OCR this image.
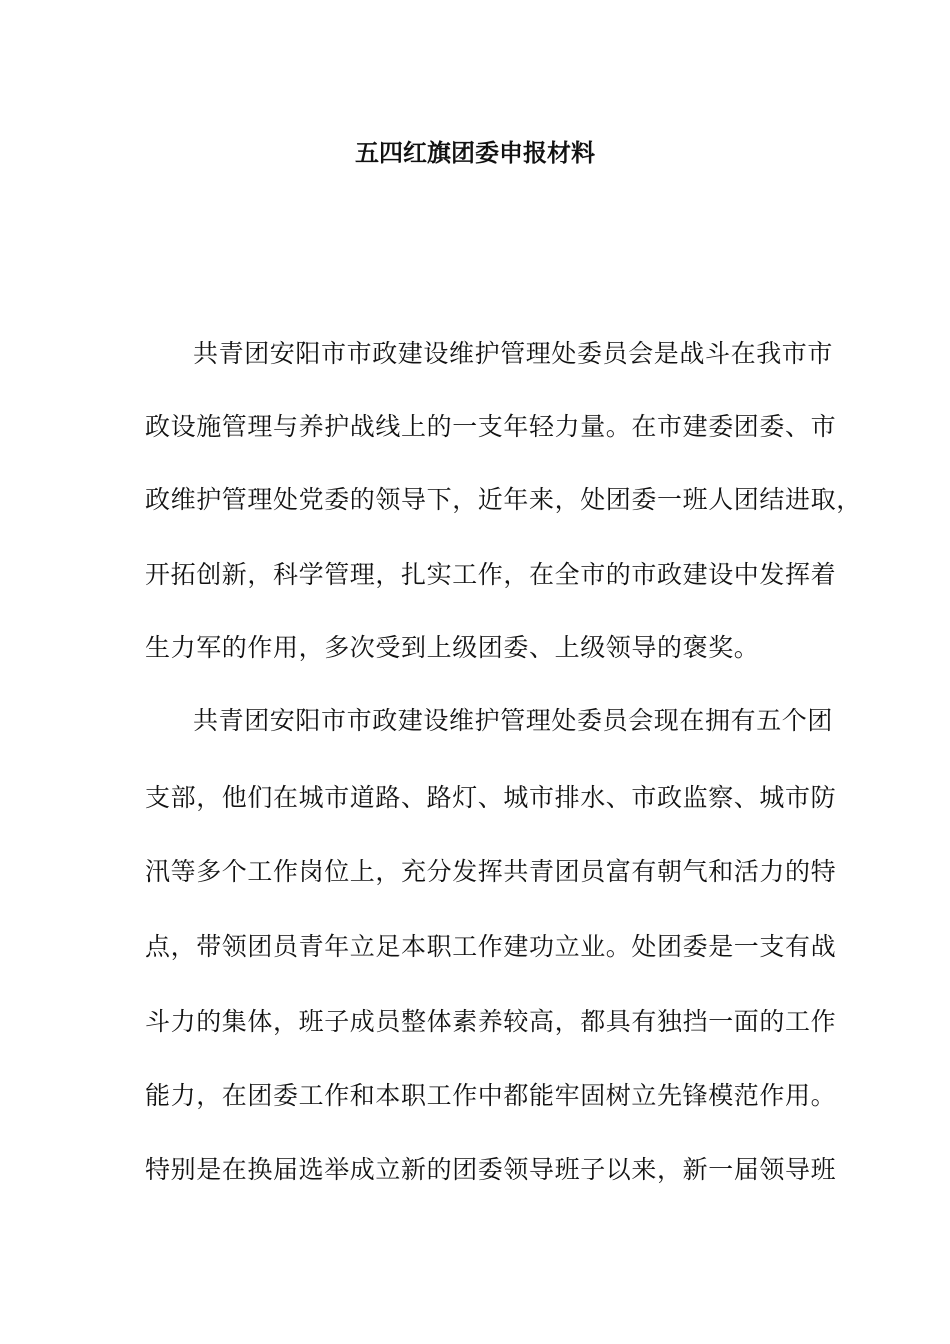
五四红旗团委申报材料
共青团安阳市市政建设维护管理处委员会是战斗在我市市
政设施管理与养护战线上的一支年轻力量。在市建委团委、市
政维护管理处党委的领导下，近年来，处团委一班人团结进取，
开拓创新，科学管理，扎实工作，在全市的市政建设中发挥着
生力军的作用，多次受到上级团委、上级领导的褒奖。
共青团安阳市市政建设维护管理处委员会现在拥有五个团
支部，他们在城市道路、路灯、城市排水、市政监察、城市防
汛等多个工作岗位上，充分发挥共青团员富有朝气和活力的特
点，带领团员青年立足本职工作建功立业。处团委是一支有战
斗力的集体，班子成员整体素养较高，都具有独挡一面的工作
能力，在团委工作和本职工作中都能牢固树立先锋模范作用。
特别是在换届选举成立新的团委领导班子以来，新一届领导班
